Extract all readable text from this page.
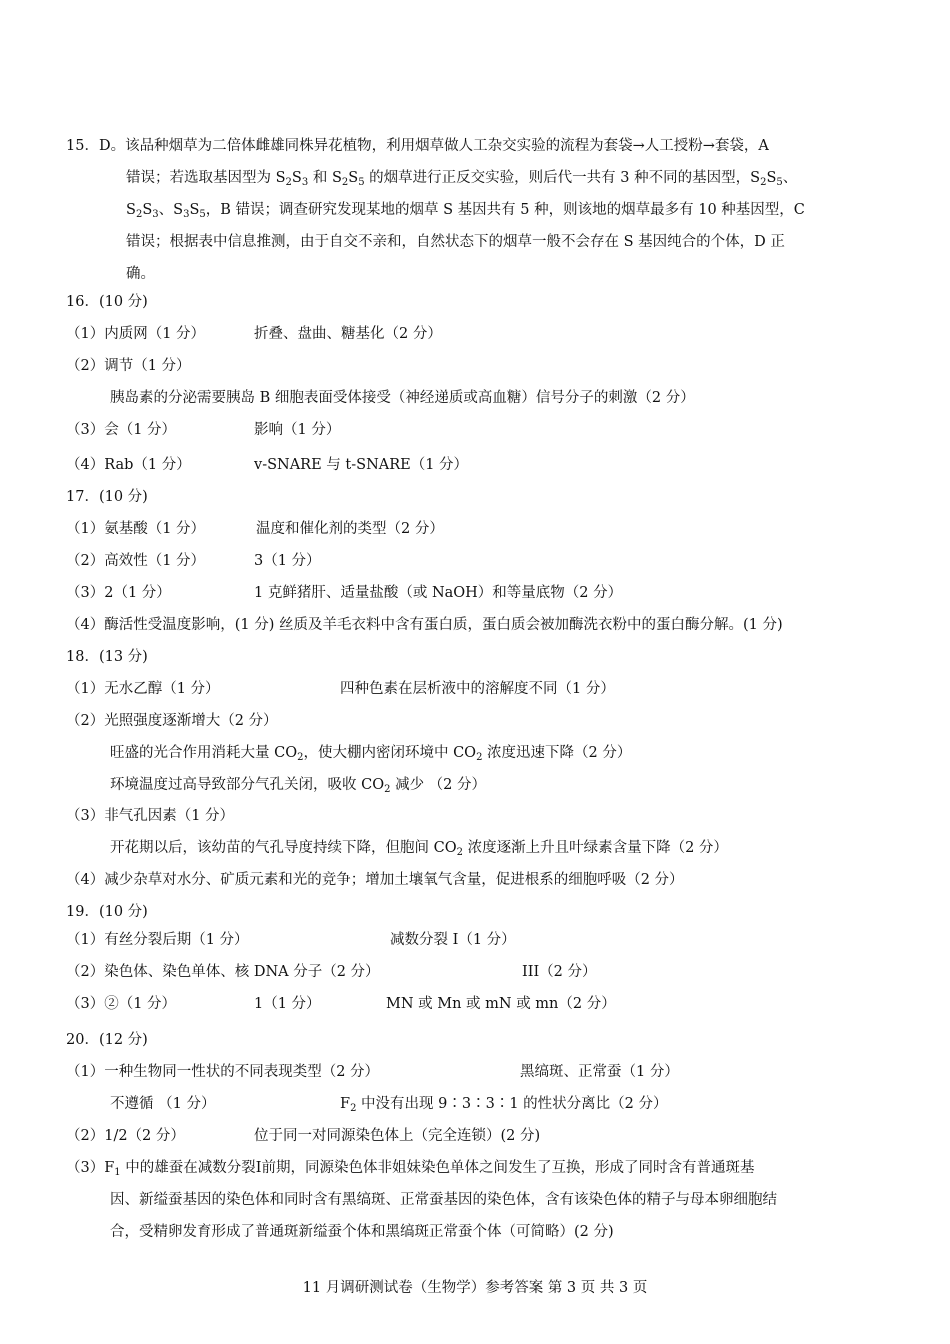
15．D。该品种烟草为二倍体雌雄同株异花植物，利用烟草做人工杂交实验的流程为套袋→人工授粉→套袋，A
错误；若选取基因型为 $S_2S_3$ 和 $S_2S_5$ 的烟草进行正反交实验，则后代一共有 3 种不同的基因型，$S_2S_5$、
$S_2S_3$、$S_3S_5$，B 错误；调查研究发现某地的烟草 S 基因共有 5 种，则该地的烟草最多有 10 种基因型，C
错误；根据表中信息推测，由于自交不亲和，自然状态下的烟草一般不会存在 S 基因纯合的个体，D 正
确。
16．(10 分)
（1）内质网（1 分）	折叠、盘曲、糖基化（2 分）
（2）调节（1 分）
胰岛素的分泌需要胰岛 B 细胞表面受体接受（神经递质或高血糖）信号分子的刺激（2 分）
（3）会（1 分）	影响（1 分）
（4）Rab（1 分）	v-SNARE 与 t-SNARE（1 分）
17．(10 分)
（1）氨基酸（1 分）	温度和催化剂的类型（2 分）
（2）高效性（1 分）	3（1 分）
（3）2（1 分）	1 克鲜猪肝、适量盐酸（或 NaOH）和等量底物（2 分）
（4）酶活性受温度影响，(1 分) 丝质及羊毛衣料中含有蛋白质，蛋白质会被加酶洗衣粉中的蛋白酶分解。(1 分)
18．(13 分)
（1）无水乙醇（1 分）	四种色素在层析液中的溶解度不同（1 分）
（2）光照强度逐渐增大（2 分）
旺盛的光合作用消耗大量 $CO_2$，使大棚内密闭环境中 $CO_2$ 浓度迅速下降（2 分）
环境温度过高导致部分气孔关闭，吸收 $CO_2$ 减少 （2 分）
（3）非气孔因素（1 分）
开花期以后，该幼苗的气孔导度持续下降，但胞间 $CO_2$ 浓度逐渐上升且叶绿素含量下降（2 分）
（4）减少杂草对水分、矿质元素和光的竞争；增加土壤氧气含量，促进根系的细胞呼吸（2 分）
19．(10 分)
（1）有丝分裂后期（1 分）	减数分裂 I（1 分）
（2）染色体、染色单体、核 DNA 分子（2 分）	III（2 分）
（3）②（1 分）	1（1 分）	MN 或 Mn 或 mN 或 mn（2 分）
20．(12 分)
（1）一种生物同一性状的不同表现类型（2 分）	黑缟斑、正常蚕（1 分）
不遵循 （1 分）	$F_2$ 中没有出现 9∶3∶3∶1 的性状分离比（2 分）
（2）1/2（2 分）	位于同一对同源染色体上（完全连锁）(2 分)
$(3)F_1$ 中的雄蚕在减数分裂Ⅰ前期，同源染色体非姐妹染色单体之间发生了互换，形成了同时含有普通斑基
因、新缢蚕基因的染色体和同时含有黑缟斑、正常蚕基因的染色体，含有该染色体的精子与母本卵细胞结
合，受精卵发育形成了普通斑新缢蚕个体和黑缟斑正常蚕个体（可简略）(2 分)
11 月调研测试卷（生物学）参考答案 第 3 页 共 3 页
